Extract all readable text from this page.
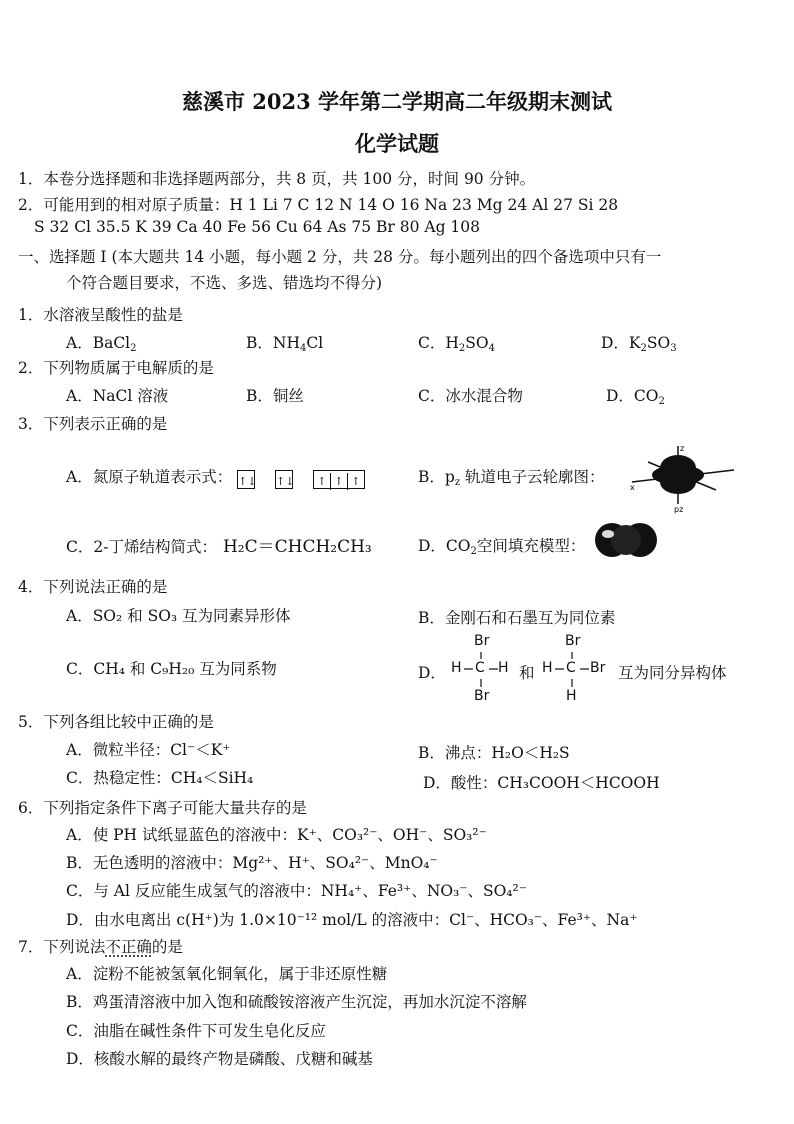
慈溪市 2023 学年第二学期高二年级期末测试
化学试题
1．本卷分选择题和非选择题两部分，共 8 页，共 100 分，时间 90 分钟。
2．可能用到的相对原子质量：H 1 Li 7 C 12 N 14 O 16 Na 23 Mg 24 Al 27 Si 28
S 32 Cl 35.5 K 39 Ca 40 Fe 56 Cu 64 As 75 Br 80 Ag 108
一、选择题 I (本大题共 14 小题，每小题 2 分，共 28 分。每小题列出的四个备选项中只有一
个符合题目要求，不选、多选、错选均不得分)
1．水溶液呈酸性的盐是
A．BaCl$_2$	B．$NH_4Cl$	C．$H_2SO_4$	D．$K_2SO_3$
2．下列物质属于电解质的是
A．NaCl 溶液	B．铜丝	C．冰水混合物	D．$CO_2$
3．下列表示正确的是
A．氮原子轨道表示式： ↑↓ ↑↓ ↑ ↑ ↑	B．$p_z$ 轨道电子云轮廓图：
z
x
pz
C．2-丁烯结构简式： H₂C＝CHCH₂CH₃	D．$CO_2$空间填充模型：
4．下列说法正确的是
A．SO₂ 和 SO₃ 互为同素异形体	B．金刚石和石墨互为同位素
C．CH₄ 和 C₉H₂₀ 互为同系物	D．
Br
H C H
Br
和
Br
H C Br
H
互为同分异构体
5．下列各组比较中正确的是
A．微粒半径：Cl⁻＜K⁺	B．沸点：H₂O＜H₂S
C．热稳定性：CH₄＜SiH₄	D．酸性：CH₃COOH＜HCOOH
6．下列指定条件下离子可能大量共存的是
A．使 PH 试纸显蓝色的溶液中：K⁺、CO₃²⁻、OH⁻、SO₃²⁻
B．无色透明的溶液中：Mg²⁺、H⁺、SO₄²⁻、MnO₄⁻
C．与 Al 反应能生成氢气的溶液中：NH₄⁺、Fe³⁺、NO₃⁻、SO₄²⁻
D．由水电离出 c(H⁺)为 1.0×10⁻¹² mol/L 的溶液中：Cl⁻、HCO₃⁻、Fe³⁺、Na⁺
7．下列说法不正确的是
A．淀粉不能被氢氧化铜氧化，属于非还原性糖
B．鸡蛋清溶液中加入饱和硫酸铵溶液产生沉淀，再加水沉淀不溶解
C．油脂在碱性条件下可发生皂化反应
D．核酸水解的最终产物是磷酸、戊糖和碱基
